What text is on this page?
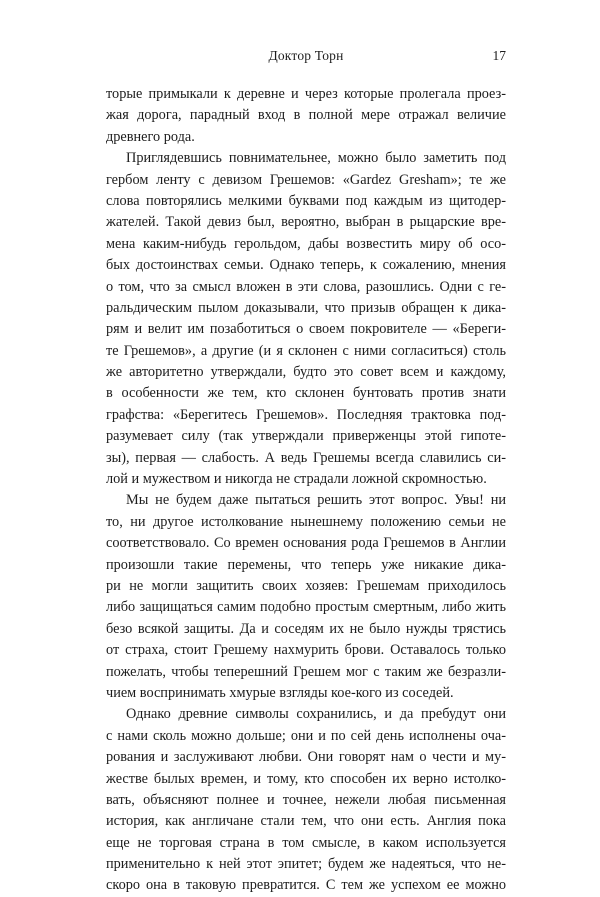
Доктор Торн	17
торые примыкали к деревне и через которые пролегала проез-
жая дорога, парадный вход в полной мере отражал величие
древнего рода.
Приглядевшись повнимательнее, можно было заметить под
гербом ленту с девизом Грешемов: «Gardez Gresham»; те же
слова повторялись мелкими буквами под каждым из щитодер-
жателей. Такой девиз был, вероятно, выбран в рыцарские вре-
мена каким-нибудь герольдом, дабы возвестить миру об осо-
бых достоинствах семьи. Однако теперь, к сожалению, мнения
о том, что за смысл вложен в эти слова, разошлись. Одни с ге-
ральдическим пылом доказывали, что призыв обращен к дика-
рям и велит им позаботиться о своем покровителе — «Береги-
те Грешемов», а другие (и я склонен с ними согласиться) столь
же авторитетно утверждали, будто это совет всем и каждому,
в особенности же тем, кто склонен бунтовать против знати
графства: «Берегитесь Грешемов». Последняя трактовка под-
разумевает силу (так утверждали приверженцы этой гипоте-
зы), первая — слабость. А ведь Грешемы всегда славились си-
лой и мужеством и никогда не страдали ложной скромностью.
Мы не будем даже пытаться решить этот вопрос. Увы! ни
то, ни другое истолкование нынешнему положению семьи не
соответствовало. Со времен основания рода Грешемов в Англии
произошли такие перемены, что теперь уже никакие дика-
ри не могли защитить своих хозяев: Грешемам приходилось
либо защищаться самим подобно простым смертным, либо жить
безо всякой защиты. Да и соседям их не было нужды трястись
от страха, стоит Грешему нахмурить брови. Оставалось только
пожелать, чтобы теперешний Грешем мог с таким же безразли-
чием воспринимать хмурые взгляды кое-кого из соседей.
Однако древние символы сохранились, и да пребудут они
с нами сколь можно дольше; они и по сей день исполнены оча-
рования и заслуживают любви. Они говорят нам о чести и му-
жестве былых времен, и тому, кто способен их верно истолко-
вать, объясняют полнее и точнее, нежели любая письменная
история, как англичане стали тем, что они есть. Англия пока
еще не торговая страна в том смысле, в каком используется
применительно к ней этот эпитет; будем же надеяться, что не-
скоро она в таковую превратится. С тем же успехом ее можно
